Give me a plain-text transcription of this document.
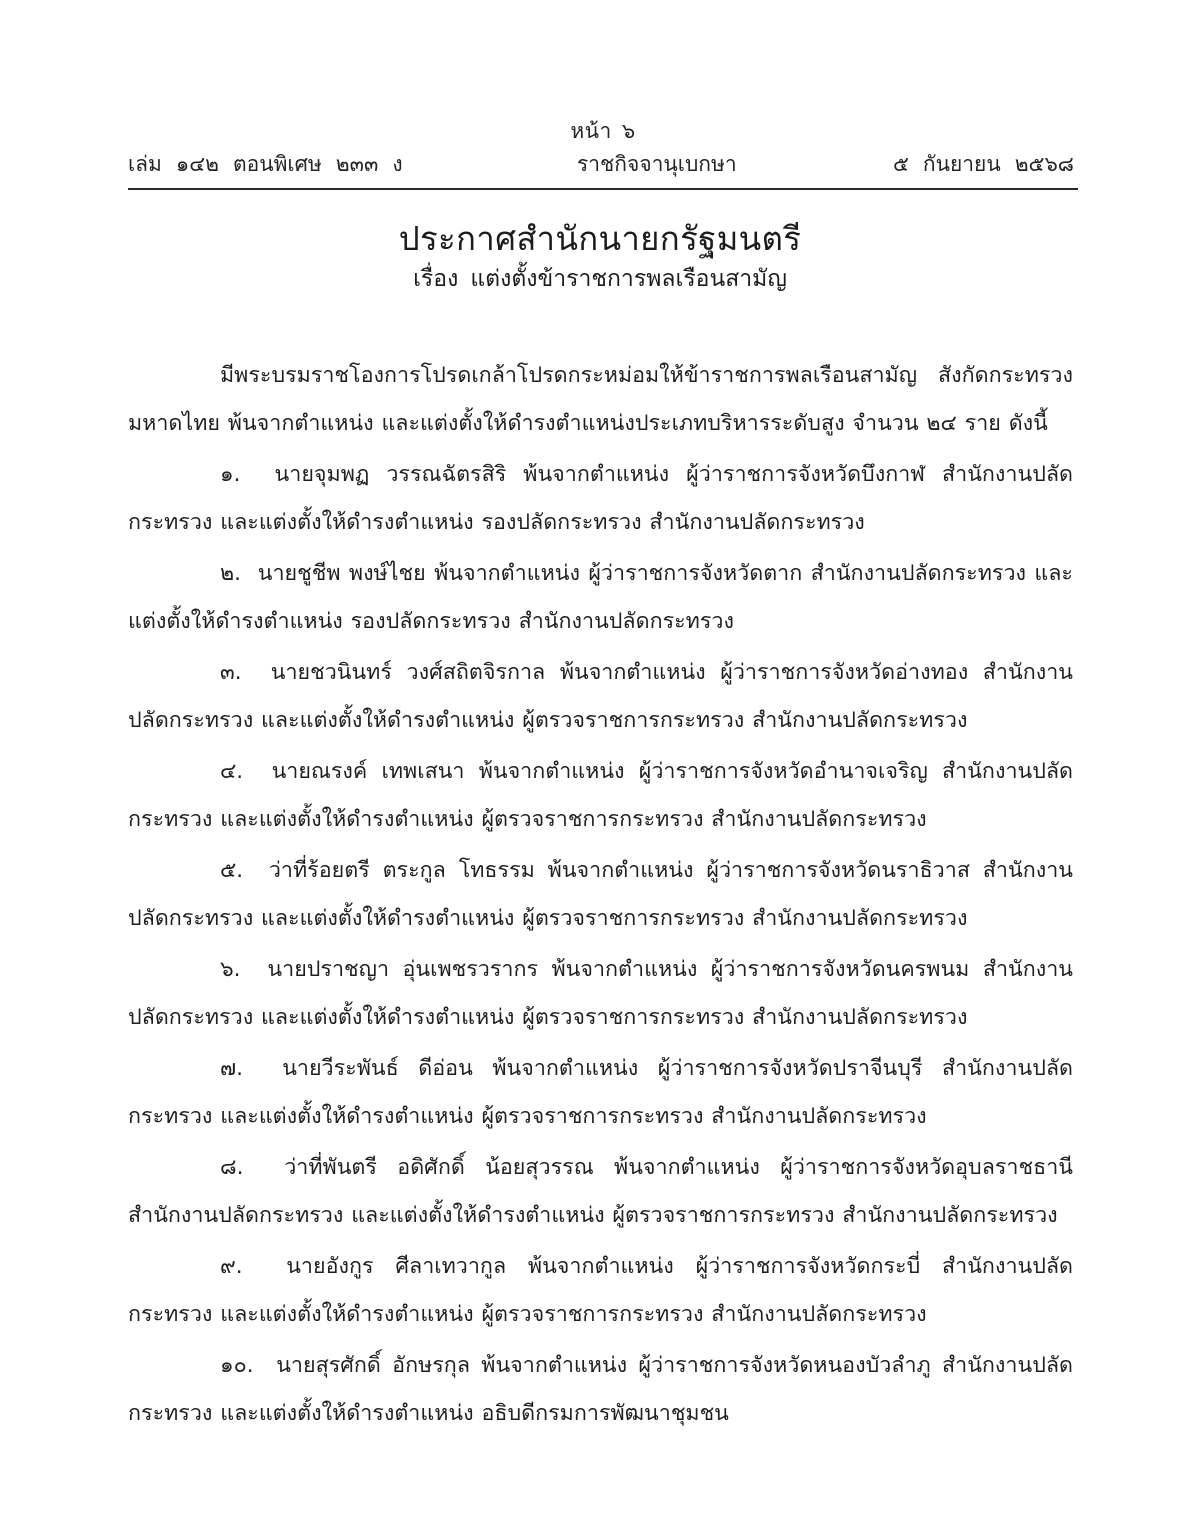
หน้า ๖
เล่ม ๑๔๒ ตอนพิเศษ ๒๓๓ ง	ราชกิจจานุเบกษา	๕ กันยายน ๒๕๖๘
ประกาศสำนักนายกรัฐมนตรี
เรื่อง แต่งตั้งข้าราชการพลเรือนสามัญ

มีพระบรมราชโองการโปรดเกล้าโปรดกระหม่อมให้ข้าราชการพลเรือนสามัญ สังกัดกระทรวงมหาดไทย พ้นจากตำแหน่ง และแต่งตั้งให้ดำรงตำแหน่งประเภทบริหารระดับสูง จำนวน ๒๔ ราย ดังนี้

๑.  นายจุมพฏ วรรณฉัตรสิริ พ้นจากตำแหน่ง ผู้ว่าราชการจังหวัดบึงกาฬ สำนักงานปลัดกระทรวง และแต่งตั้งให้ดำรงตำแหน่ง รองปลัดกระทรวง สำนักงานปลัดกระทรวง

๒.  นายชูชีพ พงษ์ไชย พ้นจากตำแหน่ง ผู้ว่าราชการจังหวัดตาก สำนักงานปลัดกระทรวง และแต่งตั้งให้ดำรงตำแหน่ง รองปลัดกระทรวง สำนักงานปลัดกระทรวง

๓.  นายชวนินทร์ วงศ์สถิตจิรกาล พ้นจากตำแหน่ง ผู้ว่าราชการจังหวัดอ่างทอง สำนักงานปลัดกระทรวง และแต่งตั้งให้ดำรงตำแหน่ง ผู้ตรวจราชการกระทรวง สำนักงานปลัดกระทรวง

๔.  นายณรงค์ เทพเสนา พ้นจากตำแหน่ง ผู้ว่าราชการจังหวัดอำนาจเจริญ สำนักงานปลัดกระทรวง และแต่งตั้งให้ดำรงตำแหน่ง ผู้ตรวจราชการกระทรวง สำนักงานปลัดกระทรวง

๕.  ว่าที่ร้อยตรี ตระกูล โทธรรม พ้นจากตำแหน่ง ผู้ว่าราชการจังหวัดนราธิวาส สำนักงานปลัดกระทรวง และแต่งตั้งให้ดำรงตำแหน่ง ผู้ตรวจราชการกระทรวง สำนักงานปลัดกระทรวง

๖.  นายปราชญา อุ่นเพชรวรากร พ้นจากตำแหน่ง ผู้ว่าราชการจังหวัดนครพนม สำนักงานปลัดกระทรวง และแต่งตั้งให้ดำรงตำแหน่ง ผู้ตรวจราชการกระทรวง สำนักงานปลัดกระทรวง

๗.  นายวีระพันธ์ ดีอ่อน พ้นจากตำแหน่ง ผู้ว่าราชการจังหวัดปราจีนบุรี สำนักงานปลัดกระทรวง และแต่งตั้งให้ดำรงตำแหน่ง ผู้ตรวจราชการกระทรวง สำนักงานปลัดกระทรวง

๘.  ว่าที่พันตรี อดิศักดิ์ น้อยสุวรรณ พ้นจากตำแหน่ง ผู้ว่าราชการจังหวัดอุบลราชธานี สำนักงานปลัดกระทรวง และแต่งตั้งให้ดำรงตำแหน่ง ผู้ตรวจราชการกระทรวง สำนักงานปลัดกระทรวง

๙.  นายอังกูร ศีลาเทวากูล พ้นจากตำแหน่ง ผู้ว่าราชการจังหวัดกระบี่ สำนักงานปลัดกระทรวง และแต่งตั้งให้ดำรงตำแหน่ง ผู้ตรวจราชการกระทรวง สำนักงานปลัดกระทรวง

๑๐.  นายสุรศักดิ์ อักษรกุล พ้นจากตำแหน่ง ผู้ว่าราชการจังหวัดหนองบัวลำภู สำนักงานปลัดกระทรวง และแต่งตั้งให้ดำรงตำแหน่ง อธิบดีกรมการพัฒนาชุมชน
